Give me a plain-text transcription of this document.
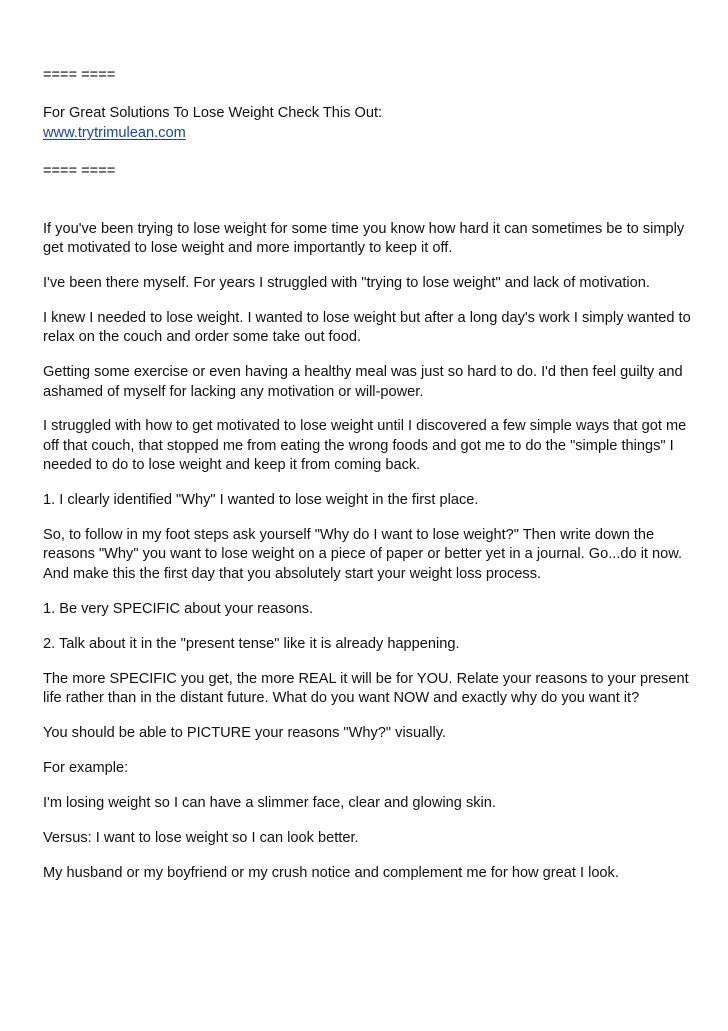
==== ====

For Great Solutions To Lose Weight Check This Out:

www.trytrimulean.com

==== ====

If you've been trying to lose weight for some time you know how hard it can sometimes be to simply get motivated to lose weight and more importantly to keep it off.

I've been there myself. For years I struggled with "trying to lose weight" and lack of motivation.

I knew I needed to lose weight. I wanted to lose weight but after a long day's work I simply wanted to relax on the couch and order some take out food.

Getting some exercise or even having a healthy meal was just so hard to do. I'd then feel guilty and ashamed of myself for lacking any motivation or will-power.

I struggled with how to get motivated to lose weight until I discovered a few simple ways that got me off that couch, that stopped me from eating the wrong foods and got me to do the "simple things" I needed to do to lose weight and keep it from coming back.

1. I clearly identified "Why" I wanted to lose weight in the first place.

So, to follow in my foot steps ask yourself "Why do I want to lose weight?" Then write down the reasons "Why" you want to lose weight on a piece of paper or better yet in a journal. Go...do it now. And make this the first day that you absolutely start your weight loss process.

1. Be very SPECIFIC about your reasons.

2. Talk about it in the "present tense" like it is already happening.

The more SPECIFIC you get, the more REAL it will be for YOU. Relate your reasons to your present life rather than in the distant future. What do you want NOW and exactly why do you want it?

You should be able to PICTURE your reasons "Why?" visually.

For example:

I'm losing weight so I can have a slimmer face, clear and glowing skin.

Versus: I want to lose weight so I can look better.

My husband or my boyfriend or my crush notice and complement me for how great I look.
